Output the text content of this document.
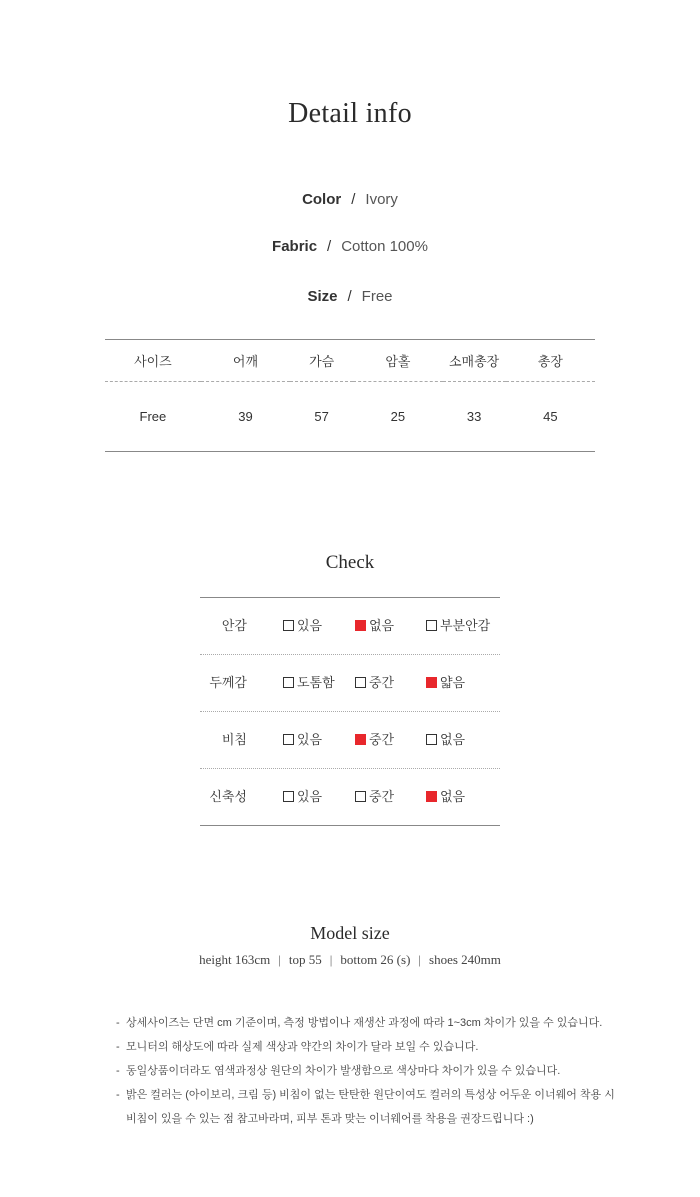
Detail info
Color / Ivory
Fabric / Cotton 100%
Size / Free
사이즈	어깨	가슴	암홀	소매총장	총장
Free	39	57	25	33	45
Check
안감	있음	없음	부분안감
두께감	도톰함	중간	얇음
비침	있음	중간	없음
신축성	있음	중간	없음
Model size
height 163cm | top 55 | bottom 26 (s) | shoes 240mm
- 상세사이즈는 단면 cm 기준이며, 측정 방법이나 재생산 과정에 따라 1~3cm 차이가 있을 수 있습니다.
- 모니터의 해상도에 따라 실제 색상과 약간의 차이가 달라 보일 수 있습니다.
- 동일상품이더라도 염색과정상 원단의 차이가 발생함으로 색상마다 차이가 있을 수 있습니다.
- 밝은 컬러는 (아이보리, 크림 등) 비침이 없는 탄탄한 원단이여도 컬러의 특성상 어두운 이너웨어 착용 시 비침이 있을 수 있는 점 참고바라며, 피부 톤과 맞는 이너웨어를 착용을 권장드립니다 :)
